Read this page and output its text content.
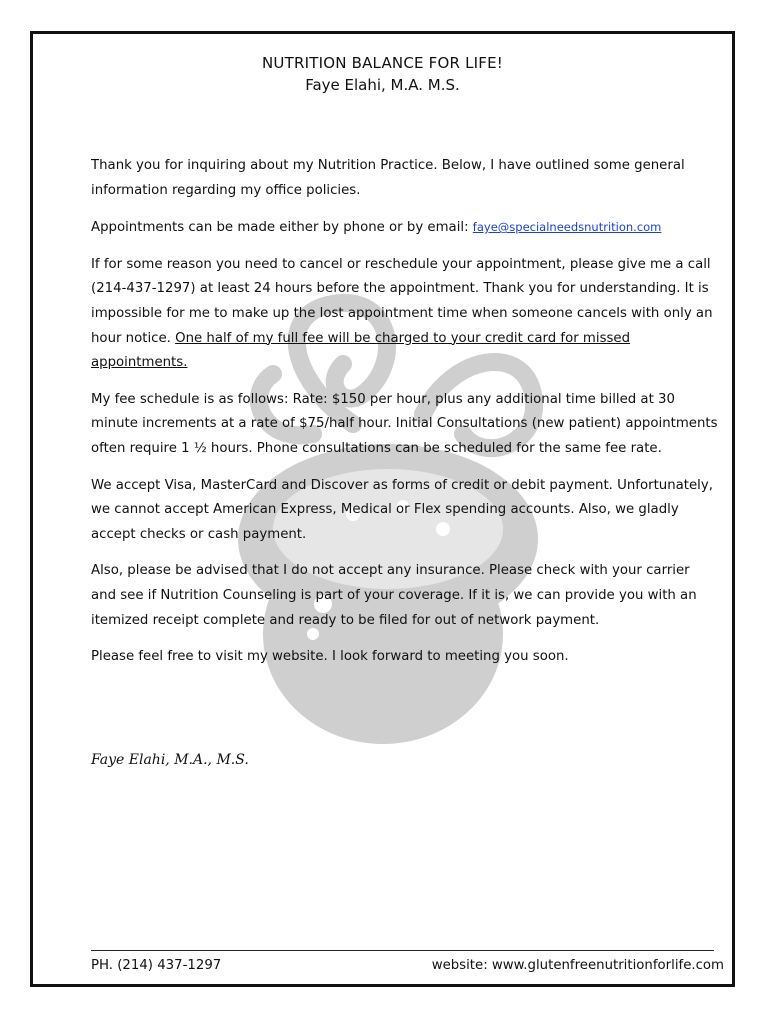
NUTRITION BALANCE FOR LIFE!
Faye Elahi, M.A. M.S.

Thank you for inquiring about my Nutrition Practice. Below, I have outlined some general information regarding my office policies.

Appointments can be made either by phone or by email: faye@specialneedsnutrition.com

If for some reason you need to cancel or reschedule your appointment, please give me a call (214-437-1297) at least 24 hours before the appointment. Thank you for understanding. It is impossible for me to make up the lost appointment time when someone cancels with only an hour notice. One half of my full fee will be charged to your credit card for missed appointments.

My fee schedule is as follows: Rate: $150 per hour, plus any additional time billed at 30 minute increments at a rate of $75/half hour. Initial Consultations (new patient) appointments often require 1 ½ hours. Phone consultations can be scheduled for the same fee rate.

We accept Visa, MasterCard and Discover as forms of credit or debit payment. Unfortunately, we cannot accept American Express, Medical or Flex spending accounts. Also, we gladly accept checks or cash payment.

Also, please be advised that I do not accept any insurance. Please check with your carrier and see if Nutrition Counseling is part of your coverage. If it is, we can provide you with an itemized receipt complete and ready to be filed for out of network payment.

Please feel free to visit my website. I look forward to meeting you soon.

Faye Elahi, M.A., M.S.
PH. (214) 437-1297	website: www.glutenfreenutritionforlife.com
